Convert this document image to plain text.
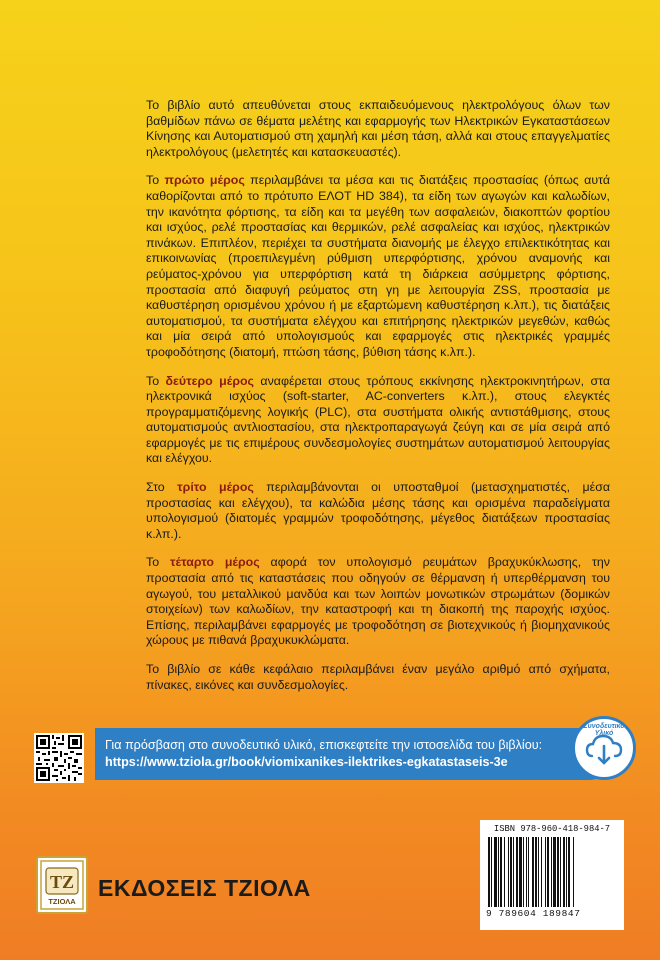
Το βιβλίο αυτό απευθύνεται στους εκπαιδευόμενους ηλεκτρολόγους όλων των βαθμίδων πάνω σε θέματα μελέτης και εφαρμογής των Ηλεκτρικών Εγκαταστάσεων Κίνησης και Αυτοματισμού στη χαμηλή και μέση τάση, αλλά και στους επαγγελματίες ηλεκτρολόγους (μελετητές και κατασκευαστές).

Το πρώτο μέρος περιλαμβάνει τα μέσα και τις διατάξεις προστασίας (όπως αυτά καθορίζονται από το πρότυπο ΕΛΟΤ HD 384), τα είδη των αγωγών και καλωδίων, την ικανότητα φόρτισης, τα είδη και τα μεγέθη των ασφαλειών, διακοπτών φορτίου και ισχύος, ρελέ προστασίας και θερμικών, ρελέ ασφαλείας και ισχύος, ηλεκτρικών πινάκων. Επιπλέον, περιέχει τα συστήματα διανομής με έλεγχο επιλεκτικότητας και επικοινωνίας (προεπιλεγμένη ρύθμιση υπερφόρτισης, χρόνου αναμονής και ρεύματος-χρόνου για υπερφόρτιση κατά τη διάρκεια ασύμμετρης φόρτισης, προστασία από διαφυγή ρεύματος στη γη με λειτουργία ZSS, προστασία με καθυστέρηση ορισμένου χρόνου ή με εξαρτώμενη καθυστέρηση κ.λπ.), τις διατάξεις αυτοματισμού, τα συστήματα ελέγχου και επιτήρησης ηλεκτρικών μεγεθών, καθώς και μία σειρά από υπολογισμούς και εφαρμογές στις ηλεκτρικές γραμμές τροφοδότησης (διατομή, πτώση τάσης, βύθιση τάσης κ.λπ.).

Το δεύτερο μέρος αναφέρεται στους τρόπους εκκίνησης ηλεκτροκινητήρων, στα ηλεκτρονικά ισχύος (soft-starter, AC-converters κ.λπ.), στους ελεγκτές προγραμματιζόμενης λογικής (PLC), στα συστήματα ολικής αντιστάθμισης, στους αυτοματισμούς αντλιοστασίου, στα ηλεκτροπαραγωγά ζεύγη και σε μία σειρά από εφαρμογές με τις επιμέρους συνδεσμολογίες συστημάτων αυτοματισμού λειτουργίας και ελέγχου.

Στο τρίτο μέρος περιλαμβάνονται οι υποσταθμοί (μετασχηματιστές, μέσα προστασίας και ελέγχου), τα καλώδια μέσης τάσης και ορισμένα παραδείγματα υπολογισμού (διατομές γραμμών τροφοδότησης, μέγεθος διατάξεων προστασίας κ.λπ.).

Το τέταρτο μέρος αφορά τον υπολογισμό ρευμάτων βραχυκύκλωσης, την προστασία από τις καταστάσεις που οδηγούν σε θέρμανση ή υπερθέρμανση του αγωγού, του μεταλλικού μανδύα και των λοιπών μονωτικών στρωμάτων (δομικών στοιχείων) των καλωδίων, την καταστροφή και τη διακοπή της παροχής ισχύος. Επίσης, περιλαμβάνει εφαρμογές με τροφοδότηση σε βιοτεχνικούς ή βιομηχανικούς χώρους με πιθανά βραχυκυκλώματα.

Το βιβλίο σε κάθε κεφάλαιο περιλαμβάνει έναν μεγάλο αριθμό από σχήματα, πίνακες, εικόνες και συνδεσμολογίες.

Για πρόσβαση στο συνοδευτικό υλικό, επισκεφτείτε την ιστοσελίδα του βιβλίου:
https://www.tziola.gr/book/viomixanikes-ilektrikes-egkatastaseis-3e
Συνοδευτικό Υλικό
ISBN 978-960-418-984-7
9 789604 189847
ΤΖ
ΤΖΙΟΛΑ
ΕΚΔΟΣΕΙΣ ΤΖΙΟΛΑ
